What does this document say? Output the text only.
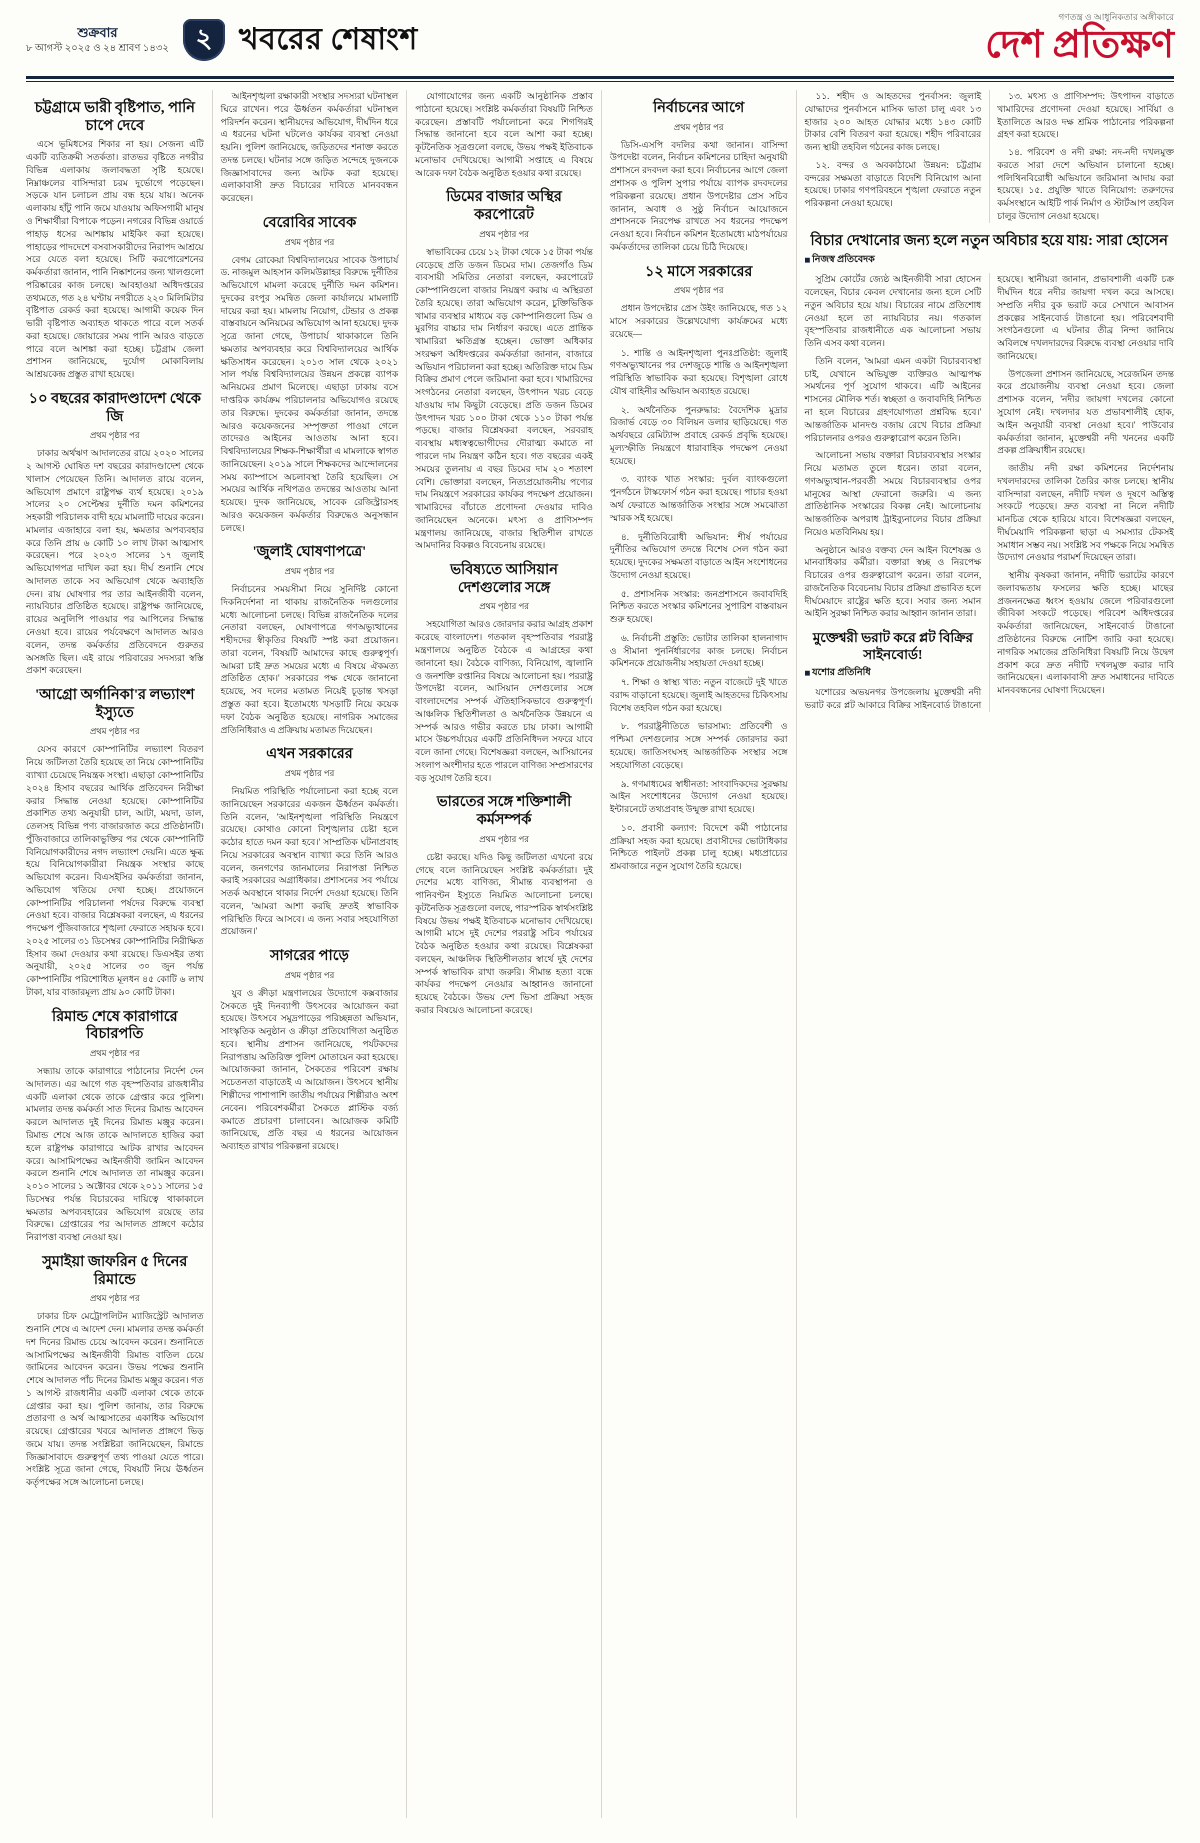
শুক্রবার
৮ আগস্ট ২০২৫ ও ২৪ শ্রাবণ ১৪৩২	২ খবরের শেষাংশ
গণতন্ত্র ও আধুনিকতার অঙ্গীকারে
দেশ প্রতিক্ষণ
চট্টগ্রামে ভারী বৃষ্টিপাত, পানি চাপে দেবে

এসে ভূমিধসের শিকার না হয়। সেজন্য এটি একটি ব্যতিক্রমী সতর্কতা। রাতভর বৃষ্টিতে নগরীর বিভিন্ন এলাকায় জলাবদ্ধতা সৃষ্টি হয়েছে। নিম্নাঞ্চলের বাসিন্দারা চরম দুর্ভোগে পড়েছেন। সড়কে যান চলাচল প্রায় বন্ধ হয়ে যায়। অনেক এলাকায় হাঁটু পানি জমে যাওয়ায় অফিসগামী মানুষ ও শিক্ষার্থীরা বিপাকে পড়েন। নগরের বিভিন্ন ওয়ার্ডে পাহাড় ধসের আশঙ্কায় মাইকিং করা হয়েছে। পাহাড়ের পাদদেশে বসবাসকারীদের নিরাপদ আশ্রয়ে সরে যেতে বলা হয়েছে। সিটি করপোরেশনের কর্মকর্তারা জানান, পানি নিষ্কাশনের জন্য খালগুলো পরিষ্কারের কাজ চলছে। আবহাওয়া অধিদপ্তরের তথ্যমতে, গত ২৪ ঘণ্টায় নগরীতে ২২০ মিলিমিটার বৃষ্টিপাত রেকর্ড করা হয়েছে। আগামী কয়েক দিন ভারী বৃষ্টিপাত অব্যাহত থাকতে পারে বলে সতর্ক করা হয়েছে। জোয়ারের সময় পানি আরও বাড়তে পারে বলে আশঙ্কা করা হচ্ছে। চট্টগ্রাম জেলা প্রশাসন জানিয়েছে, দুর্যোগ মোকাবিলায় আশ্রয়কেন্দ্র প্রস্তুত রাখা হয়েছে।

১০ বছরের কারাদণ্ডাদেশ থেকে জি

প্রথম পৃষ্ঠার পর

ঢাকার অর্থঋণ আদালতের রায়ে ২০২০ সালের ২ আগস্ট ঘোষিত দশ বছরের কারাদণ্ডাদেশ থেকে খালাস পেয়েছেন তিনি। আদালত রায়ে বলেন, অভিযোগ প্রমাণে রাষ্ট্রপক্ষ ব্যর্থ হয়েছে। ২০১৯ সালের ২০ সেপ্টেম্বর দুর্নীতি দমন কমিশনের সহকারী পরিচালক বাদী হয়ে মামলাটি দায়ের করেন। মামলার এজাহারে বলা হয়, ক্ষমতার অপব্যবহার করে তিনি প্রায় ৬ কোটি ১০ লাখ টাকা আত্মসাৎ করেছেন। পরে ২০২৩ সালের ১৭ জুলাই অভিযোগপত্র দাখিল করা হয়। দীর্ঘ শুনানি শেষে আদালত তাকে সব অভিযোগ থেকে অব্যাহতি দেন। রায় ঘোষণার পর তার আইনজীবী বলেন, ন্যায়বিচার প্রতিষ্ঠিত হয়েছে। রাষ্ট্রপক্ষ জানিয়েছে, রায়ের অনুলিপি পাওয়ার পর আপিলের সিদ্ধান্ত নেওয়া হবে। রায়ের পর্যবেক্ষণে আদালত আরও বলেন, তদন্ত কর্মকর্তার প্রতিবেদনে গুরুতর অসঙ্গতি ছিল। এই রায়ে পরিবারের সদস্যরা স্বস্তি প্রকাশ করেছেন।

'আগ্রো অর্গানিকা'র লভ্যাংশ ইস্যুতে

প্রথম পৃষ্ঠার পর

যেসব কারণে কোম্পানিটির লভ্যাংশ বিতরণ নিয়ে জটিলতা তৈরি হয়েছে তা নিয়ে কোম্পানিটির ব্যাখ্যা চেয়েছে নিয়ন্ত্রক সংস্থা। এছাড়া কোম্পানিটির ২০২৪ হিসাব বছরের আর্থিক প্রতিবেদন নিরীক্ষা করার সিদ্ধান্ত নেওয়া হয়েছে। কোম্পানিটির প্রকাশিত তথ্য অনুযায়ী চাল, আটা, ময়দা, ডাল, তেলসহ বিভিন্ন পণ্য বাজারজাত করে প্রতিষ্ঠানটি। পুঁজিবাজারে তালিকাভুক্তির পর থেকে কোম্পানিটি বিনিয়োগকারীদের নগদ লভ্যাংশ দেয়নি। এতে ক্ষুব্ধ হয়ে বিনিয়োগকারীরা নিয়ন্ত্রক সংস্থার কাছে অভিযোগ করেন। বিএসইসির কর্মকর্তারা জানান, অভিযোগ খতিয়ে দেখা হচ্ছে। প্রয়োজনে কোম্পানিটির পরিচালনা পর্ষদের বিরুদ্ধে ব্যবস্থা নেওয়া হবে। বাজার বিশ্লেষকরা বলছেন, এ ধরনের পদক্ষেপ পুঁজিবাজারে শৃঙ্খলা ফেরাতে সহায়ক হবে। ২০২৫ সালের ৩১ ডিসেম্বর কোম্পানিটির নিরীক্ষিত হিসাব জমা দেওয়ার কথা রয়েছে। ডিএসইর তথ্য অনুযায়ী, ২০২৫ সালের ৩০ জুন পর্যন্ত কোম্পানিটির পরিশোধিত মূলধন ৪৫ কোটি ৬ লাখ টাকা, যার বাজারমূল্য প্রায় ৯০ কোটি টাকা।

রিমান্ড শেষে কারাগারে বিচারপতি

প্রথম পৃষ্ঠার পর

সন্ধ্যায় তাকে কারাগারে পাঠানোর নির্দেশ দেন আদালত। এর আগে গত বৃহস্পতিবার রাজধানীর একটি এলাকা থেকে তাকে গ্রেপ্তার করে পুলিশ। মামলার তদন্ত কর্মকর্তা সাত দিনের রিমান্ড আবেদন করলে আদালত দুই দিনের রিমান্ড মঞ্জুর করেন। রিমান্ড শেষে আজ তাকে আদালতে হাজির করা হলে রাষ্ট্রপক্ষ কারাগারে আটক রাখার আবেদন করে। আসামিপক্ষের আইনজীবী জামিন আবেদন করলে শুনানি শেষে আদালত তা নামঞ্জুর করেন। ২০১০ সালের ১ অক্টোবর থেকে ২০১১ সালের ১৫ ডিসেম্বর পর্যন্ত বিচারকের দায়িত্বে থাকাকালে ক্ষমতার অপব্যবহারের অভিযোগ রয়েছে তার বিরুদ্ধে। গ্রেপ্তারের পর আদালত প্রাঙ্গণে কঠোর নিরাপত্তা ব্যবস্থা নেওয়া হয়।

সুমাইয়া জাফরিন ৫ দিনের রিমান্ডে

প্রথম পৃষ্ঠার পর

ঢাকার চিফ মেট্রোপলিটন ম্যাজিস্ট্রেট আদালত শুনানি শেষে এ আদেশ দেন। মামলার তদন্ত কর্মকর্তা দশ দিনের রিমান্ড চেয়ে আবেদন করেন। শুনানিতে আসামিপক্ষের আইনজীবী রিমান্ড বাতিল চেয়ে জামিনের আবেদন করেন। উভয় পক্ষের শুনানি শেষে আদালত পাঁচ দিনের রিমান্ড মঞ্জুর করেন। গত ১ আগস্ট রাজধানীর একটি এলাকা থেকে তাকে গ্রেপ্তার করা হয়। পুলিশ জানায়, তার বিরুদ্ধে প্রতারণা ও অর্থ আত্মসাতের একাধিক অভিযোগ রয়েছে। গ্রেপ্তারের খবরে আদালত প্রাঙ্গণে ভিড় জমে যায়। তদন্ত সংশ্লিষ্টরা জানিয়েছেন, রিমান্ডে জিজ্ঞাসাবাদে গুরুত্বপূর্ণ তথ্য পাওয়া যেতে পারে। সংশ্লিষ্ট সূত্রে জানা গেছে, বিষয়টি নিয়ে ঊর্ধ্বতন কর্তৃপক্ষের সঙ্গে আলোচনা চলছে।

আইনশৃঙ্খলা রক্ষাকারী সংস্থার সদস্যরা ঘটনাস্থল ঘিরে রাখেন। পরে ঊর্ধ্বতন কর্মকর্তারা ঘটনাস্থল পরিদর্শন করেন। স্থানীয়দের অভিযোগ, দীর্ঘদিন ধরে এ ধরনের ঘটনা ঘটলেও কার্যকর ব্যবস্থা নেওয়া হয়নি। পুলিশ জানিয়েছে, জড়িতদের শনাক্ত করতে তদন্ত চলছে। ঘটনার সঙ্গে জড়িত সন্দেহে দুজনকে জিজ্ঞাসাবাদের জন্য আটক করা হয়েছে। এলাকাবাসী দ্রুত বিচারের দাবিতে মানববন্ধন করেছেন।

বেরোবির সাবেক

প্রথম পৃষ্ঠার পর

বেগম রোকেয়া বিশ্ববিদ্যালয়ের সাবেক উপাচার্য ড. নাজমুল আহসান কলিমউল্লাহর বিরুদ্ধে দুর্নীতির অভিযোগে মামলা করেছে দুর্নীতি দমন কমিশন। দুদকের রংপুর সমন্বিত জেলা কার্যালয়ে মামলাটি দায়ের করা হয়। মামলায় নিয়োগ, টেন্ডার ও প্রকল্প বাস্তবায়নে অনিয়মের অভিযোগ আনা হয়েছে। দুদক সূত্রে জানা গেছে, উপাচার্য থাকাকালে তিনি ক্ষমতার অপব্যবহার করে বিশ্ববিদ্যালয়ের আর্থিক ক্ষতিসাধন করেছেন। ২০১৩ সাল থেকে ২০২১ সাল পর্যন্ত বিশ্ববিদ্যালয়ের উন্নয়ন প্রকল্পে ব্যাপক অনিয়মের প্রমাণ মিলেছে। এছাড়া ঢাকায় বসে দাপ্তরিক কার্যক্রম পরিচালনার অভিযোগও রয়েছে তার বিরুদ্ধে। দুদকের কর্মকর্তারা জানান, তদন্তে আরও কয়েকজনের সম্পৃক্ততা পাওয়া গেলে তাদেরও আইনের আওতায় আনা হবে। বিশ্ববিদ্যালয়ের শিক্ষক-শিক্ষার্থীরা এ মামলাকে স্বাগত জানিয়েছেন। ২০১৯ সালে শিক্ষকদের আন্দোলনের সময় ক্যাম্পাসে অচলাবস্থা তৈরি হয়েছিল। সে সময়ের আর্থিক নথিপত্রও তদন্তের আওতায় আনা হয়েছে। দুদক জানিয়েছে, সাবেক রেজিস্ট্রারসহ আরও কয়েকজন কর্মকর্তার বিরুদ্ধেও অনুসন্ধান চলছে।

'জুলাই ঘোষণাপত্রে'

প্রথম পৃষ্ঠার পর

নির্বাচনের সময়সীমা নিয়ে সুনির্দিষ্ট কোনো দিকনির্দেশনা না থাকায় রাজনৈতিক দলগুলোর মধ্যে আলোচনা চলছে। বিভিন্ন রাজনৈতিক দলের নেতারা বলছেন, ঘোষণাপত্রে গণঅভ্যুত্থানের শহীদদের স্বীকৃতির বিষয়টি স্পষ্ট করা প্রয়োজন। তারা বলেন, 'বিষয়টি আমাদের কাছে গুরুত্বপূর্ণ। আমরা চাই দ্রুত সময়ের মধ্যে এ বিষয়ে ঐকমত্য প্রতিষ্ঠিত হোক।' সরকারের পক্ষ থেকে জানানো হয়েছে, সব দলের মতামত নিয়েই চূড়ান্ত খসড়া প্রস্তুত করা হবে। ইতোমধ্যে খসড়াটি নিয়ে কয়েক দফা বৈঠক অনুষ্ঠিত হয়েছে। নাগরিক সমাজের প্রতিনিধিরাও এ প্রক্রিয়ায় মতামত দিয়েছেন।

এখন সরকারের

প্রথম পৃষ্ঠার পর

নিয়মিত পরিস্থিতি পর্যালোচনা করা হচ্ছে বলে জানিয়েছেন সরকারের একজন ঊর্ধ্বতন কর্মকর্তা। তিনি বলেন, 'আইনশৃঙ্খলা পরিস্থিতি নিয়ন্ত্রণে রয়েছে। কোথাও কোনো বিশৃঙ্খলার চেষ্টা হলে কঠোর হাতে দমন করা হবে।' সাম্প্রতিক ঘটনাপ্রবাহ নিয়ে সরকারের অবস্থান ব্যাখ্যা করে তিনি আরও বলেন, জনগণের জানমালের নিরাপত্তা নিশ্চিত করাই সরকারের অগ্রাধিকার। প্রশাসনের সব পর্যায়ে সতর্ক অবস্থানে থাকার নির্দেশ দেওয়া হয়েছে। তিনি বলেন, 'আমরা আশা করছি দ্রুতই স্বাভাবিক পরিস্থিতি ফিরে আসবে। এ জন্য সবার সহযোগিতা প্রয়োজন।'

সাগরের পাড়ে

প্রথম পৃষ্ঠার পর

যুব ও ক্রীড়া মন্ত্রণালয়ের উদ্যোগে কক্সবাজার সৈকতে দুই দিনব্যাপী উৎসবের আয়োজন করা হয়েছে। উৎসবে সমুদ্রপাড়ের পরিচ্ছন্নতা অভিযান, সাংস্কৃতিক অনুষ্ঠান ও ক্রীড়া প্রতিযোগিতা অনুষ্ঠিত হবে। স্থানীয় প্রশাসন জানিয়েছে, পর্যটকদের নিরাপত্তায় অতিরিক্ত পুলিশ মোতায়েন করা হয়েছে। আয়োজকরা জানান, সৈকতের পরিবেশ রক্ষায় সচেতনতা বাড়াতেই এ আয়োজন। উৎসবে স্থানীয় শিল্পীদের পাশাপাশি জাতীয় পর্যায়ের শিল্পীরাও অংশ নেবেন। পরিবেশকর্মীরা সৈকতে প্লাস্টিক বর্জ্য কমাতে প্রচারণা চালাবেন। আয়োজক কমিটি জানিয়েছে, প্রতি বছর এ ধরনের আয়োজন অব্যাহত রাখার পরিকল্পনা রয়েছে।

যোগাযোগের জন্য একটি আনুষ্ঠানিক প্রস্তাব পাঠানো হয়েছে। সংশ্লিষ্ট কর্মকর্তারা বিষয়টি নিশ্চিত করেছেন। প্রস্তাবটি পর্যালোচনা করে শিগগিরই সিদ্ধান্ত জানানো হবে বলে আশা করা হচ্ছে। কূটনৈতিক সূত্রগুলো বলছে, উভয় পক্ষই ইতিবাচক মনোভাব দেখিয়েছে। আগামী সপ্তাহে এ বিষয়ে আরেক দফা বৈঠক অনুষ্ঠিত হওয়ার কথা রয়েছে।

ডিমের বাজার অস্থির করপোরেট

প্রথম পৃষ্ঠার পর

স্বাভাবিকের চেয়ে ১২ টাকা থেকে ১৫ টাকা পর্যন্ত বেড়েছে প্রতি ডজন ডিমের দাম। তেজগাঁও ডিম ব্যবসায়ী সমিতির নেতারা বলছেন, করপোরেট কোম্পানিগুলো বাজার নিয়ন্ত্রণ করায় এ অস্থিরতা তৈরি হয়েছে। তারা অভিযোগ করেন, চুক্তিভিত্তিক খামার ব্যবস্থার মাধ্যমে বড় কোম্পানিগুলো ডিম ও মুরগির বাচ্চার দাম নির্ধারণ করছে। এতে প্রান্তিক খামারিরা ক্ষতিগ্রস্ত হচ্ছেন। ভোক্তা অধিকার সংরক্ষণ অধিদপ্তরের কর্মকর্তারা জানান, বাজারে অভিযান পরিচালনা করা হচ্ছে। অতিরিক্ত দামে ডিম বিক্রির প্রমাণ পেলে জরিমানা করা হবে। খামারিদের সংগঠনের নেতারা বলছেন, উৎপাদন খরচ বেড়ে যাওয়ায় দাম কিছুটা বেড়েছে। প্রতি ডজন ডিমের উৎপাদন খরচ ১০০ টাকা থেকে ১১০ টাকা পর্যন্ত পড়ছে। বাজার বিশ্লেষকরা বলছেন, সরবরাহ ব্যবস্থায় মধ্যস্বত্বভোগীদের দৌরাত্ম্য কমাতে না পারলে দাম নিয়ন্ত্রণ কঠিন হবে। গত বছরের একই সময়ের তুলনায় এ বছর ডিমের দাম ২০ শতাংশ বেশি। ভোক্তারা বলছেন, নিত্যপ্রয়োজনীয় পণ্যের দাম নিয়ন্ত্রণে সরকারের কার্যকর পদক্ষেপ প্রয়োজন। খামারিদের বাঁচাতে প্রণোদনা দেওয়ার দাবিও জানিয়েছেন অনেকে। মৎস্য ও প্রাণিসম্পদ মন্ত্রণালয় জানিয়েছে, বাজার স্থিতিশীল রাখতে আমদানির বিকল্পও বিবেচনায় রয়েছে।

ভবিষ্যতে আসিয়ান দেশগুলোর সঙ্গে

প্রথম পৃষ্ঠার পর

সহযোগিতা আরও জোরদার করার আগ্রহ প্রকাশ করেছে বাংলাদেশ। গতকাল বৃহস্পতিবার পররাষ্ট্র মন্ত্রণালয়ে অনুষ্ঠিত বৈঠকে এ আগ্রহের কথা জানানো হয়। বৈঠকে বাণিজ্য, বিনিয়োগ, জ্বালানি ও জনশক্তি রপ্তানির বিষয়ে আলোচনা হয়। পররাষ্ট্র উপদেষ্টা বলেন, আসিয়ান দেশগুলোর সঙ্গে বাংলাদেশের সম্পর্ক ঐতিহাসিকভাবে গুরুত্বপূর্ণ। আঞ্চলিক স্থিতিশীলতা ও অর্থনৈতিক উন্নয়নে এ সম্পর্ক আরও গভীর করতে চায় ঢাকা। আগামী মাসে উচ্চপর্যায়ের একটি প্রতিনিধিদল সফরে যাবে বলে জানা গেছে। বিশেষজ্ঞরা বলছেন, আসিয়ানের সংলাপ অংশীদার হতে পারলে বাণিজ্য সম্প্রসারণের বড় সুযোগ তৈরি হবে।

ভারতের সঙ্গে শক্তিশালী কর্মসম্পর্ক

প্রথম পৃষ্ঠার পর

চেষ্টা করছে। যদিও কিছু জটিলতা এখনো রয়ে গেছে বলে জানিয়েছেন সংশ্লিষ্ট কর্মকর্তারা। দুই দেশের মধ্যে বাণিজ্য, সীমান্ত ব্যবস্থাপনা ও পানিবণ্টন ইস্যুতে নিয়মিত আলোচনা চলছে। কূটনৈতিক সূত্রগুলো বলছে, পারস্পরিক স্বার্থসংশ্লিষ্ট বিষয়ে উভয় পক্ষই ইতিবাচক মনোভাব দেখিয়েছে। আগামী মাসে দুই দেশের পররাষ্ট্র সচিব পর্যায়ের বৈঠক অনুষ্ঠিত হওয়ার কথা রয়েছে। বিশ্লেষকরা বলছেন, আঞ্চলিক স্থিতিশীলতার স্বার্থে দুই দেশের সম্পর্ক স্বাভাবিক রাখা জরুরি। সীমান্ত হত্যা বন্ধে কার্যকর পদক্ষেপ নেওয়ার আহ্বানও জানানো হয়েছে বৈঠকে। উভয় দেশ ভিসা প্রক্রিয়া সহজ করার বিষয়েও আলোচনা করেছে।

নির্বাচনের আগে

প্রথম পৃষ্ঠার পর

ডিসি-এসপি বদলির কথা জানান। বাসিন্দা উপদেষ্টা বলেন, নির্বাচন কমিশনের চাহিদা অনুযায়ী প্রশাসনে রদবদল করা হবে। নির্বাচনের আগে জেলা প্রশাসক ও পুলিশ সুপার পর্যায়ে ব্যাপক রদবদলের পরিকল্পনা রয়েছে। প্রধান উপদেষ্টার প্রেস সচিব জানান, অবাধ ও সুষ্ঠু নির্বাচন আয়োজনে প্রশাসনকে নিরপেক্ষ রাখতে সব ধরনের পদক্ষেপ নেওয়া হবে। নির্বাচন কমিশন ইতোমধ্যে মাঠপর্যায়ের কর্মকর্তাদের তালিকা চেয়ে চিঠি দিয়েছে।

১২ মাসে সরকারের

প্রথম পৃষ্ঠার পর

প্রধান উপদেষ্টার প্রেস উইং জানিয়েছে, গত ১২ মাসে সরকারের উল্লেখযোগ্য কার্যক্রমের মধ্যে রয়েছে—

১. শান্তি ও আইনশৃঙ্খলা পুনঃপ্রতিষ্ঠা: জুলাই গণঅভ্যুত্থানের পর দেশজুড়ে শান্তি ও আইনশৃঙ্খলা পরিস্থিতি স্বাভাবিক করা হয়েছে। বিশৃঙ্খলা রোধে যৌথ বাহিনীর অভিযান অব্যাহত রয়েছে।

২. অর্থনৈতিক পুনরুদ্ধার: বৈদেশিক মুদ্রার রিজার্ভ বেড়ে ৩০ বিলিয়ন ডলার ছাড়িয়েছে। গত অর্থবছরে রেমিট্যান্স প্রবাহে রেকর্ড প্রবৃদ্ধি হয়েছে। মূল্যস্ফীতি নিয়ন্ত্রণে ধারাবাহিক পদক্ষেপ নেওয়া হয়েছে।

৩. ব্যাংক খাত সংস্কার: দুর্বল ব্যাংকগুলো পুনর্গঠনে টাস্কফোর্স গঠন করা হয়েছে। পাচার হওয়া অর্থ ফেরাতে আন্তর্জাতিক সংস্থার সঙ্গে সমঝোতা স্মারক সই হয়েছে।

৪. দুর্নীতিবিরোধী অভিযান: শীর্ষ পর্যায়ের দুর্নীতির অভিযোগ তদন্তে বিশেষ সেল গঠন করা হয়েছে। দুদকের সক্ষমতা বাড়াতে আইন সংশোধনের উদ্যোগ নেওয়া হয়েছে।

৫. প্রশাসনিক সংস্কার: জনপ্রশাসনে জবাবদিহি নিশ্চিত করতে সংস্কার কমিশনের সুপারিশ বাস্তবায়ন শুরু হয়েছে।

৬. নির্বাচনী প্রস্তুতি: ভোটার তালিকা হালনাগাদ ও সীমানা পুনর্নির্ধারণের কাজ চলছে। নির্বাচন কমিশনকে প্রয়োজনীয় সহায়তা দেওয়া হচ্ছে।

৭. শিক্ষা ও স্বাস্থ্য খাত: নতুন বাজেটে দুই খাতে বরাদ্দ বাড়ানো হয়েছে। জুলাই আহতদের চিকিৎসায় বিশেষ তহবিল গঠন করা হয়েছে।

৮. পররাষ্ট্রনীতিতে ভারসাম্য: প্রতিবেশী ও পশ্চিমা দেশগুলোর সঙ্গে সম্পর্ক জোরদার করা হয়েছে। জাতিসংঘসহ আন্তর্জাতিক সংস্থার সঙ্গে সহযোগিতা বেড়েছে।

৯. গণমাধ্যমের স্বাধীনতা: সাংবাদিকদের সুরক্ষায় আইন সংশোধনের উদ্যোগ নেওয়া হয়েছে। ইন্টারনেটে তথ্যপ্রবাহ উন্মুক্ত রাখা হয়েছে।

১০. প্রবাসী কল্যাণ: বিদেশে কর্মী পাঠানোর প্রক্রিয়া সহজ করা হয়েছে। প্রবাসীদের ভোটাধিকার নিশ্চিতে পাইলট প্রকল্প চালু হচ্ছে। মধ্যপ্রাচ্যের শ্রমবাজারে নতুন সুযোগ তৈরি হয়েছে।

১১. শহীদ ও আহতদের পুনর্বাসন: জুলাই যোদ্ধাদের পুনর্বাসনে মাসিক ভাতা চালু এবং ১৩ হাজার ২০০ আহত যোদ্ধার মধ্যে ১৪৩ কোটি টাকার বেশি বিতরণ করা হয়েছে। শহীদ পরিবারের জন্য স্থায়ী তহবিল গঠনের কাজ চলছে।

১২. বন্দর ও অবকাঠামো উন্নয়ন: চট্টগ্রাম বন্দরের সক্ষমতা বাড়াতে বিদেশি বিনিয়োগ আনা হয়েছে। ঢাকার গণপরিবহনে শৃঙ্খলা ফেরাতে নতুন পরিকল্পনা নেওয়া হয়েছে।

১৩. মৎস্য ও প্রাণিসম্পদ: উৎপাদন বাড়াতে খামারিদের প্রণোদনা দেওয়া হয়েছে। সার্বিয়া ও ইতালিতে আরও দক্ষ শ্রমিক পাঠানোর পরিকল্পনা গ্রহণ করা হয়েছে।

১৪. পরিবেশ ও নদী রক্ষা: নদ-নদী দখলমুক্ত করতে সারা দেশে অভিযান চালানো হচ্ছে। পলিথিনবিরোধী অভিযানে জরিমানা আদায় করা হয়েছে। ১৫. প্রযুক্তি খাতে বিনিয়োগ: তরুণদের কর্মসংস্থানে আইটি পার্ক নির্মাণ ও স্টার্টআপ তহবিল চালুর উদ্যোগ নেওয়া হয়েছে।

বিচার দেখানোর জন্য হলে নতুন অবিচার হয়ে যায়: সারা হোসেন

◼ নিজস্ব প্রতিবেদক

সুপ্রিম কোর্টের জ্যেষ্ঠ আইনজীবী সারা হোসেন বলেছেন, বিচার কেবল দেখানোর জন্য হলে সেটি নতুন অবিচার হয়ে যায়। বিচারের নামে প্রতিশোধ নেওয়া হলে তা ন্যায়বিচার নয়। গতকাল বৃহস্পতিবার রাজধানীতে এক আলোচনা সভায় তিনি এসব কথা বলেন।

তিনি বলেন, 'আমরা এমন একটা বিচারব্যবস্থা চাই, যেখানে অভিযুক্ত ব্যক্তিরও আত্মপক্ষ সমর্থনের পূর্ণ সুযোগ থাকবে। এটি আইনের শাসনের মৌলিক শর্ত। স্বচ্ছতা ও জবাবদিহি নিশ্চিত না হলে বিচারের গ্রহণযোগ্যতা প্রশ্নবিদ্ধ হবে।' আন্তর্জাতিক মানদণ্ড বজায় রেখে বিচার প্রক্রিয়া পরিচালনার ওপরও গুরুত্বারোপ করেন তিনি।

আলোচনা সভায় বক্তারা বিচারব্যবস্থার সংস্কার নিয়ে মতামত তুলে ধরেন। তারা বলেন, গণঅভ্যুত্থান-পরবর্তী সময়ে বিচারব্যবস্থার ওপর মানুষের আস্থা ফেরানো জরুরি। এ জন্য প্রাতিষ্ঠানিক সংস্কারের বিকল্প নেই। আলোচনায় আন্তর্জাতিক অপরাধ ট্রাইব্যুনালের বিচার প্রক্রিয়া নিয়েও মতবিনিময় হয়।

অনুষ্ঠানে আরও বক্তব্য দেন আইন বিশেষজ্ঞ ও মানবাধিকার কর্মীরা। বক্তারা স্বচ্ছ ও নিরপেক্ষ বিচারের ওপর গুরুত্বারোপ করেন। তারা বলেন, রাজনৈতিক বিবেচনায় বিচার প্রক্রিয়া প্রভাবিত হলে দীর্ঘমেয়াদে রাষ্ট্রের ক্ষতি হবে। সবার জন্য সমান আইনি সুরক্ষা নিশ্চিত করার আহ্বান জানান তারা।

মুক্তেশ্বরী ভরাট করে প্লট বিক্রির সাইনবোর্ড!

◼ যশোর প্রতিনিধি

যশোরের অভয়নগর উপজেলায় মুক্তেশ্বরী নদী ভরাট করে প্লট আকারে বিক্রির সাইনবোর্ড টাঙানো হয়েছে। স্থানীয়রা জানান, প্রভাবশালী একটি চক্র দীর্ঘদিন ধরে নদীর জায়গা দখল করে আসছে। সম্প্রতি নদীর বুক ভরাট করে সেখানে আবাসন প্রকল্পের সাইনবোর্ড টাঙানো হয়। পরিবেশবাদী সংগঠনগুলো এ ঘটনার তীব্র নিন্দা জানিয়ে অবিলম্বে দখলদারদের বিরুদ্ধে ব্যবস্থা নেওয়ার দাবি জানিয়েছে।

উপজেলা প্রশাসন জানিয়েছে, সরেজমিন তদন্ত করে প্রয়োজনীয় ব্যবস্থা নেওয়া হবে। জেলা প্রশাসক বলেন, 'নদীর জায়গা দখলের কোনো সুযোগ নেই। দখলদার যত প্রভাবশালীই হোক, আইন অনুযায়ী ব্যবস্থা নেওয়া হবে।' পাউবোর কর্মকর্তারা জানান, মুক্তেশ্বরী নদী খননের একটি প্রকল্প প্রক্রিয়াধীন রয়েছে।

জাতীয় নদী রক্ষা কমিশনের নির্দেশনায় দখলদারদের তালিকা তৈরির কাজ চলছে। স্থানীয় বাসিন্দারা বলছেন, নদীটি দখল ও দূষণে অস্তিত্ব সংকটে পড়েছে। দ্রুত ব্যবস্থা না নিলে নদীটি মানচিত্র থেকে হারিয়ে যাবে। বিশেষজ্ঞরা বলছেন, দীর্ঘমেয়াদি পরিকল্পনা ছাড়া এ সমস্যার টেকসই সমাধান সম্ভব নয়। সংশ্লিষ্ট সব পক্ষকে নিয়ে সমন্বিত উদ্যোগ নেওয়ার পরামর্শ দিয়েছেন তারা।

স্থানীয় কৃষকরা জানান, নদীটি ভরাটের কারণে জলাবদ্ধতায় ফসলের ক্ষতি হচ্ছে। মাছের প্রজননক্ষেত্র ধ্বংস হওয়ায় জেলে পরিবারগুলো জীবিকা সংকটে পড়েছে। পরিবেশ অধিদপ্তরের কর্মকর্তারা জানিয়েছেন, সাইনবোর্ড টাঙানো প্রতিষ্ঠানের বিরুদ্ধে নোটিশ জারি করা হয়েছে। নাগরিক সমাজের প্রতিনিধিরা বিষয়টি নিয়ে উদ্বেগ প্রকাশ করে দ্রুত নদীটি দখলমুক্ত করার দাবি জানিয়েছেন। এলাকাবাসী দ্রুত সমাধানের দাবিতে মানববন্ধনের ঘোষণা দিয়েছেন।
